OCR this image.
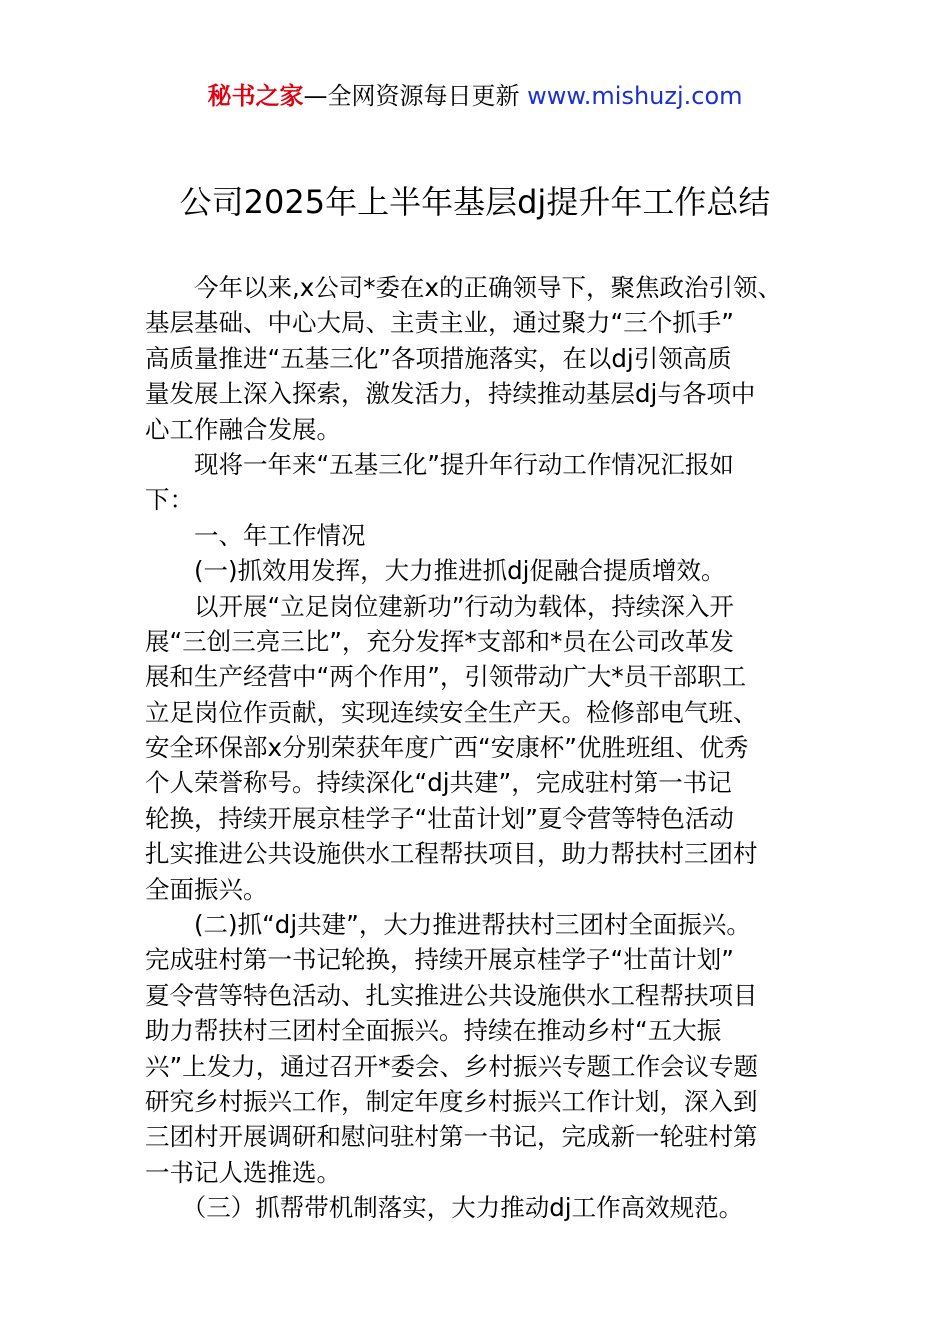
秘书之家—全网资源每日更新 www.mishuzj.com
公司2025年上半年基层dj提升年工作总结
　　今年以来,x公司*委在x的正确领导下，聚焦政治引领、
基层基础、中心大局、主责主业，通过聚力“三个抓手”
高质量推进“五基三化”各项措施落实，在以dj引领高质
量发展上深入探索，激发活力，持续推动基层dj与各项中
心工作融合发展。
　　现将一年来“五基三化”提升年行动工作情况汇报如
下：
　　一、年工作情况
　　(一)抓效用发挥，大力推进抓dj促融合提质增效。
　　以开展“立足岗位建新功”行动为载体，持续深入开
展“三创三亮三比”，充分发挥*支部和*员在公司改革发
展和生产经营中“两个作用”，引领带动广大*员干部职工
立足岗位作贡献，实现连续安全生产天。检修部电气班、
安全环保部x分别荣获年度广西“安康杯”优胜班组、优秀
个人荣誉称号。持续深化“dj共建”，完成驻村第一书记
轮换，持续开展京桂学子“壮苗计划”夏令营等特色活动
扎实推进公共设施供水工程帮扶项目，助力帮扶村三团村
全面振兴。
　　(二)抓“dj共建”，大力推进帮扶村三团村全面振兴。
完成驻村第一书记轮换，持续开展京桂学子“壮苗计划”
夏令营等特色活动、扎实推进公共设施供水工程帮扶项目
助力帮扶村三团村全面振兴。持续在推动乡村“五大振
兴”上发力，通过召开*委会、乡村振兴专题工作会议专题
研究乡村振兴工作，制定年度乡村振兴工作计划，深入到
三团村开展调研和慰问驻村第一书记，完成新一轮驻村第
一书记人选推选。
　　（三）抓帮带机制落实，大力推动dj工作高效规范。
